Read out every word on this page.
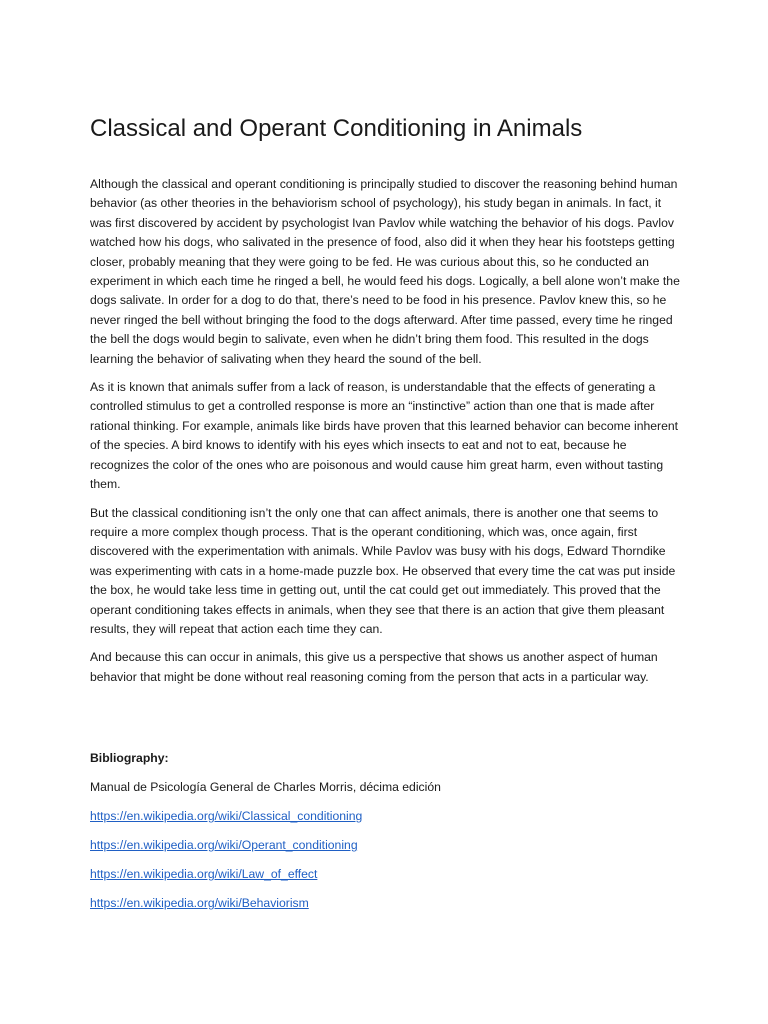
Classical and Operant Conditioning in Animals

Although the classical and operant conditioning is principally studied to discover the reasoning behind human behavior (as other theories in the behaviorism school of psychology), his study began in animals. In fact, it was first discovered by accident by psychologist Ivan Pavlov while watching the behavior of his dogs. Pavlov watched how his dogs, who salivated in the presence of food, also did it when they hear his footsteps getting closer, probably meaning that they were going to be fed. He was curious about this, so he conducted an experiment in which each time he ringed a bell, he would feed his dogs. Logically, a bell alone won’t make the dogs salivate. In order for a dog to do that, there’s need to be food in his presence. Pavlov knew this, so he never ringed the bell without bringing the food to the dogs afterward. After time passed, every time he ringed the bell the dogs would begin to salivate, even when he didn’t bring them food. This resulted in the dogs learning the behavior of salivating when they heard the sound of the bell.

As it is known that animals suffer from a lack of reason, is understandable that the effects of generating a controlled stimulus to get a controlled response is more an “instinctive” action than one that is made after rational thinking. For example, animals like birds have proven that this learned behavior can become inherent of the species. A bird knows to identify with his eyes which insects to eat and not to eat, because he recognizes the color of the ones who are poisonous and would cause him great harm, even without tasting them.

But the classical conditioning isn’t the only one that can affect animals, there is another one that seems to require a more complex though process. That is the operant conditioning, which was, once again, first discovered with the experimentation with animals. While Pavlov was busy with his dogs, Edward Thorndike was experimenting with cats in a home-made puzzle box. He observed that every time the cat was put inside the box, he would take less time in getting out, until the cat could get out immediately. This proved that the operant conditioning takes effects in animals, when they see that there is an action that give them pleasant results, they will repeat that action each time they can.

And because this can occur in animals, this give us a perspective that shows us another aspect of human behavior that might be done without real reasoning coming from the person that acts in a particular way.

Bibliography:

Manual de Psicología General de Charles Morris, décima edición

https://en.wikipedia.org/wiki/Classical_conditioning
https://en.wikipedia.org/wiki/Operant_conditioning
https://en.wikipedia.org/wiki/Law_of_effect
https://en.wikipedia.org/wiki/Behaviorism
